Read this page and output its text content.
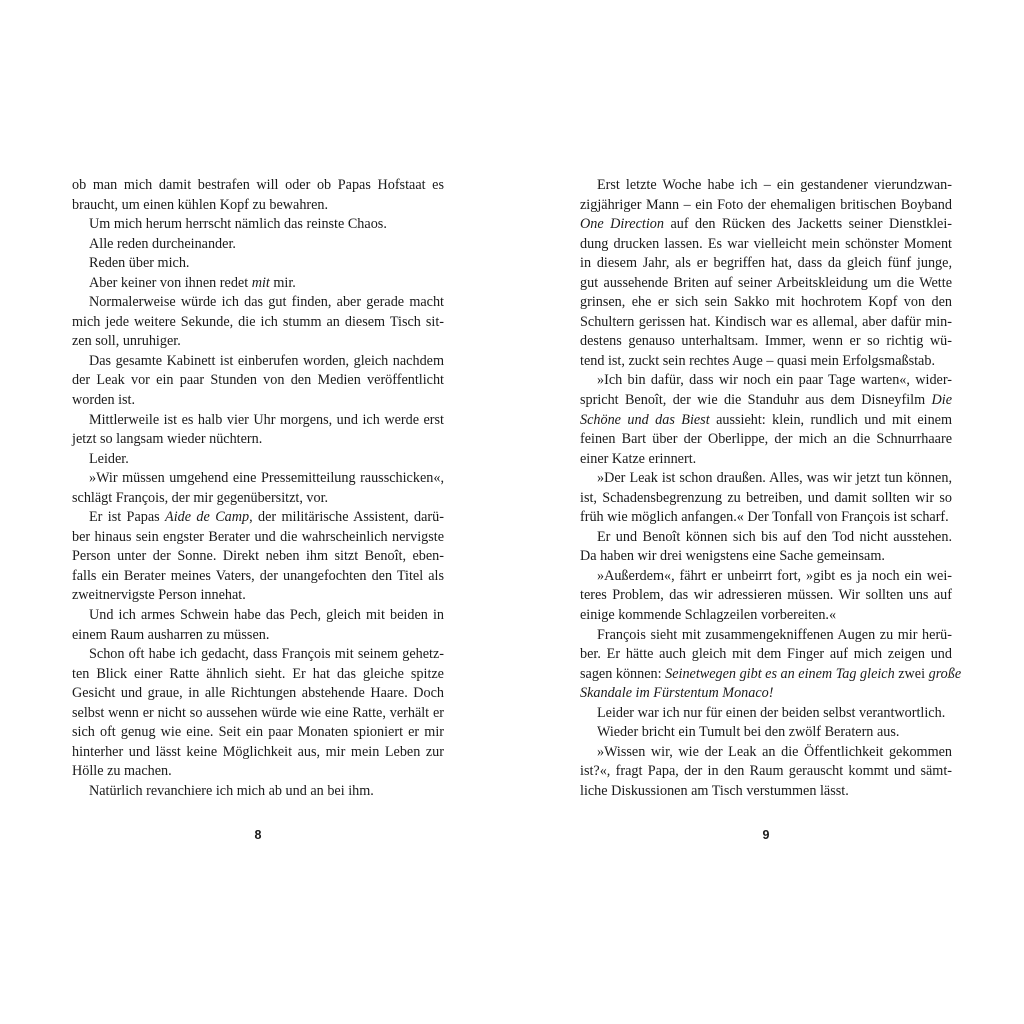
ob man mich damit bestrafen will oder ob Papas Hofstaat es
braucht, um einen kühlen Kopf zu bewahren.
Um mich herum herrscht nämlich das reinste Chaos.
Alle reden durcheinander.
Reden über mich.
Aber keiner von ihnen redet mit mir.
Normalerweise würde ich das gut finden, aber gerade macht
mich jede weitere Sekunde, die ich stumm an diesem Tisch sit-
zen soll, unruhiger.
Das gesamte Kabinett ist einberufen worden, gleich nachdem
der Leak vor ein paar Stunden von den Medien veröffentlicht
worden ist.
Mittlerweile ist es halb vier Uhr morgens, und ich werde erst
jetzt so langsam wieder nüchtern.
Leider.
»Wir müssen umgehend eine Pressemitteilung rausschicken«,
schlägt François, der mir gegenübersitzt, vor.
Er ist Papas Aide de Camp, der militärische Assistent, darü-
ber hinaus sein engster Berater und die wahrscheinlich nervigste
Person unter der Sonne. Direkt neben ihm sitzt Benoît, eben-
falls ein Berater meines Vaters, der unangefochten den Titel als
zweitnervigste Person innehat.
Und ich armes Schwein habe das Pech, gleich mit beiden in
einem Raum ausharren zu müssen.
Schon oft habe ich gedacht, dass François mit seinem gehetz-
ten Blick einer Ratte ähnlich sieht. Er hat das gleiche spitze
Gesicht und graue, in alle Richtungen abstehende Haare. Doch
selbst wenn er nicht so aussehen würde wie eine Ratte, verhält er
sich oft genug wie eine. Seit ein paar Monaten spioniert er mir
hinterher und lässt keine Möglichkeit aus, mir mein Leben zur
Hölle zu machen.
Natürlich revanchiere ich mich ab und an bei ihm.
8
Erst letzte Woche habe ich – ein gestandener vierundzwan-
zigjähriger Mann – ein Foto der ehemaligen britischen Boyband
One Direction auf den Rücken des Jacketts seiner Dienstklei-
dung drucken lassen. Es war vielleicht mein schönster Moment
in diesem Jahr, als er begriffen hat, dass da gleich fünf junge,
gut aussehende Briten auf seiner Arbeitskleidung um die Wette
grinsen, ehe er sich sein Sakko mit hochrotem Kopf von den
Schultern gerissen hat. Kindisch war es allemal, aber dafür min-
destens genauso unterhaltsam. Immer, wenn er so richtig wü-
tend ist, zuckt sein rechtes Auge – quasi mein Erfolgsmaßstab.
»Ich bin dafür, dass wir noch ein paar Tage warten«, wider-
spricht Benoît, der wie die Standuhr aus dem Disneyfilm Die
Schöne und das Biest aussieht: klein, rundlich und mit einem
feinen Bart über der Oberlippe, der mich an die Schnurrhaare
einer Katze erinnert.
»Der Leak ist schon draußen. Alles, was wir jetzt tun können,
ist, Schadensbegrenzung zu betreiben, und damit sollten wir so
früh wie möglich anfangen.« Der Tonfall von François ist scharf.
Er und Benoît können sich bis auf den Tod nicht ausstehen.
Da haben wir drei wenigstens eine Sache gemeinsam.
»Außerdem«, fährt er unbeirrt fort, »gibt es ja noch ein wei-
teres Problem, das wir adressieren müssen. Wir sollten uns auf
einige kommende Schlagzeilen vorbereiten.«
François sieht mit zusammengekniffenen Augen zu mir herü-
ber. Er hätte auch gleich mit dem Finger auf mich zeigen und
sagen können: Seinetwegen gibt es an einem Tag gleich zwei große
Skandale im Fürstentum Monaco!
Leider war ich nur für einen der beiden selbst verantwortlich.
Wieder bricht ein Tumult bei den zwölf Beratern aus.
»Wissen wir, wie der Leak an die Öffentlichkeit gekommen
ist?«, fragt Papa, der in den Raum gerauscht kommt und sämt-
liche Diskussionen am Tisch verstummen lässt.
9
